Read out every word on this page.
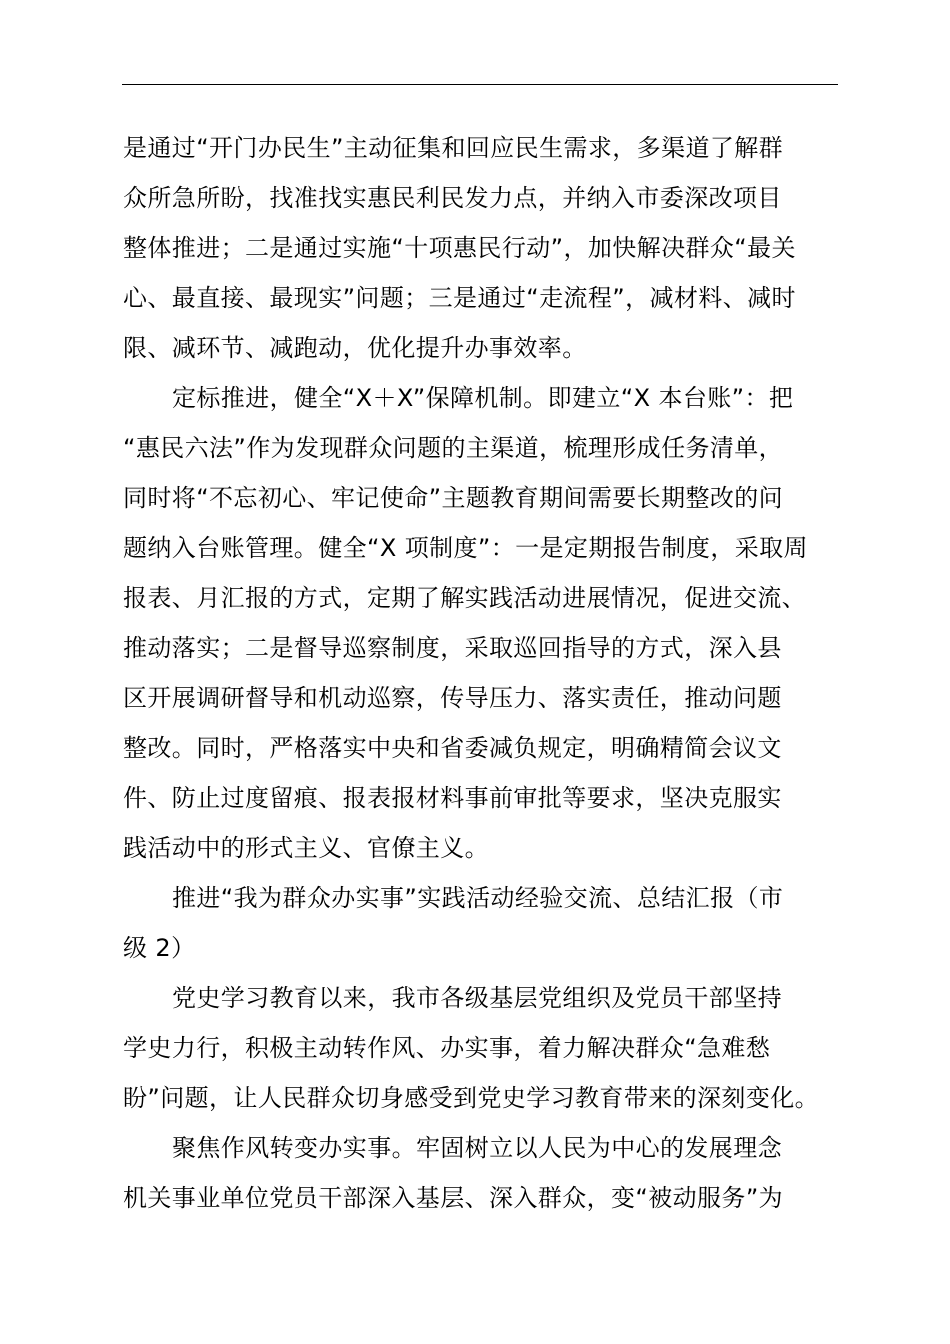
是通过“开门办民生”主动征集和回应民生需求，多渠道了解群
众所急所盼，找准找实惠民利民发力点，并纳入市委深改项目
整体推进；二是通过实施“十项惠民行动”，加快解决群众“最关
心、最直接、最现实”问题；三是通过“走流程”，减材料、减时
限、减环节、减跑动，优化提升办事效率。
定标推进，健全“X＋X”保障机制。即建立“X 本台账”：把
“惠民六法”作为发现群众问题的主渠道，梳理形成任务清单，
同时将“不忘初心、牢记使命”主题教育期间需要长期整改的问
题纳入台账管理。健全“X 项制度”：一是定期报告制度，采取周
报表、月汇报的方式，定期了解实践活动进展情况，促进交流、
推动落实；二是督导巡察制度，采取巡回指导的方式，深入县
区开展调研督导和机动巡察，传导压力、落实责任，推动问题
整改。同时，严格落实中央和省委减负规定，明确精简会议文
件、防止过度留痕、报表报材料事前审批等要求，坚决克服实
践活动中的形式主义、官僚主义。
推进“我为群众办实事”实践活动经验交流、总结汇报（市
级 2）
党史学习教育以来，我市各级基层党组织及党员干部坚持
学史力行，积极主动转作风、办实事，着力解决群众“急难愁
盼”问题，让人民群众切身感受到党史学习教育带来的深刻变化。
聚焦作风转变办实事。牢固树立以人民为中心的发展理念
机关事业单位党员干部深入基层、深入群众，变“被动服务”为
